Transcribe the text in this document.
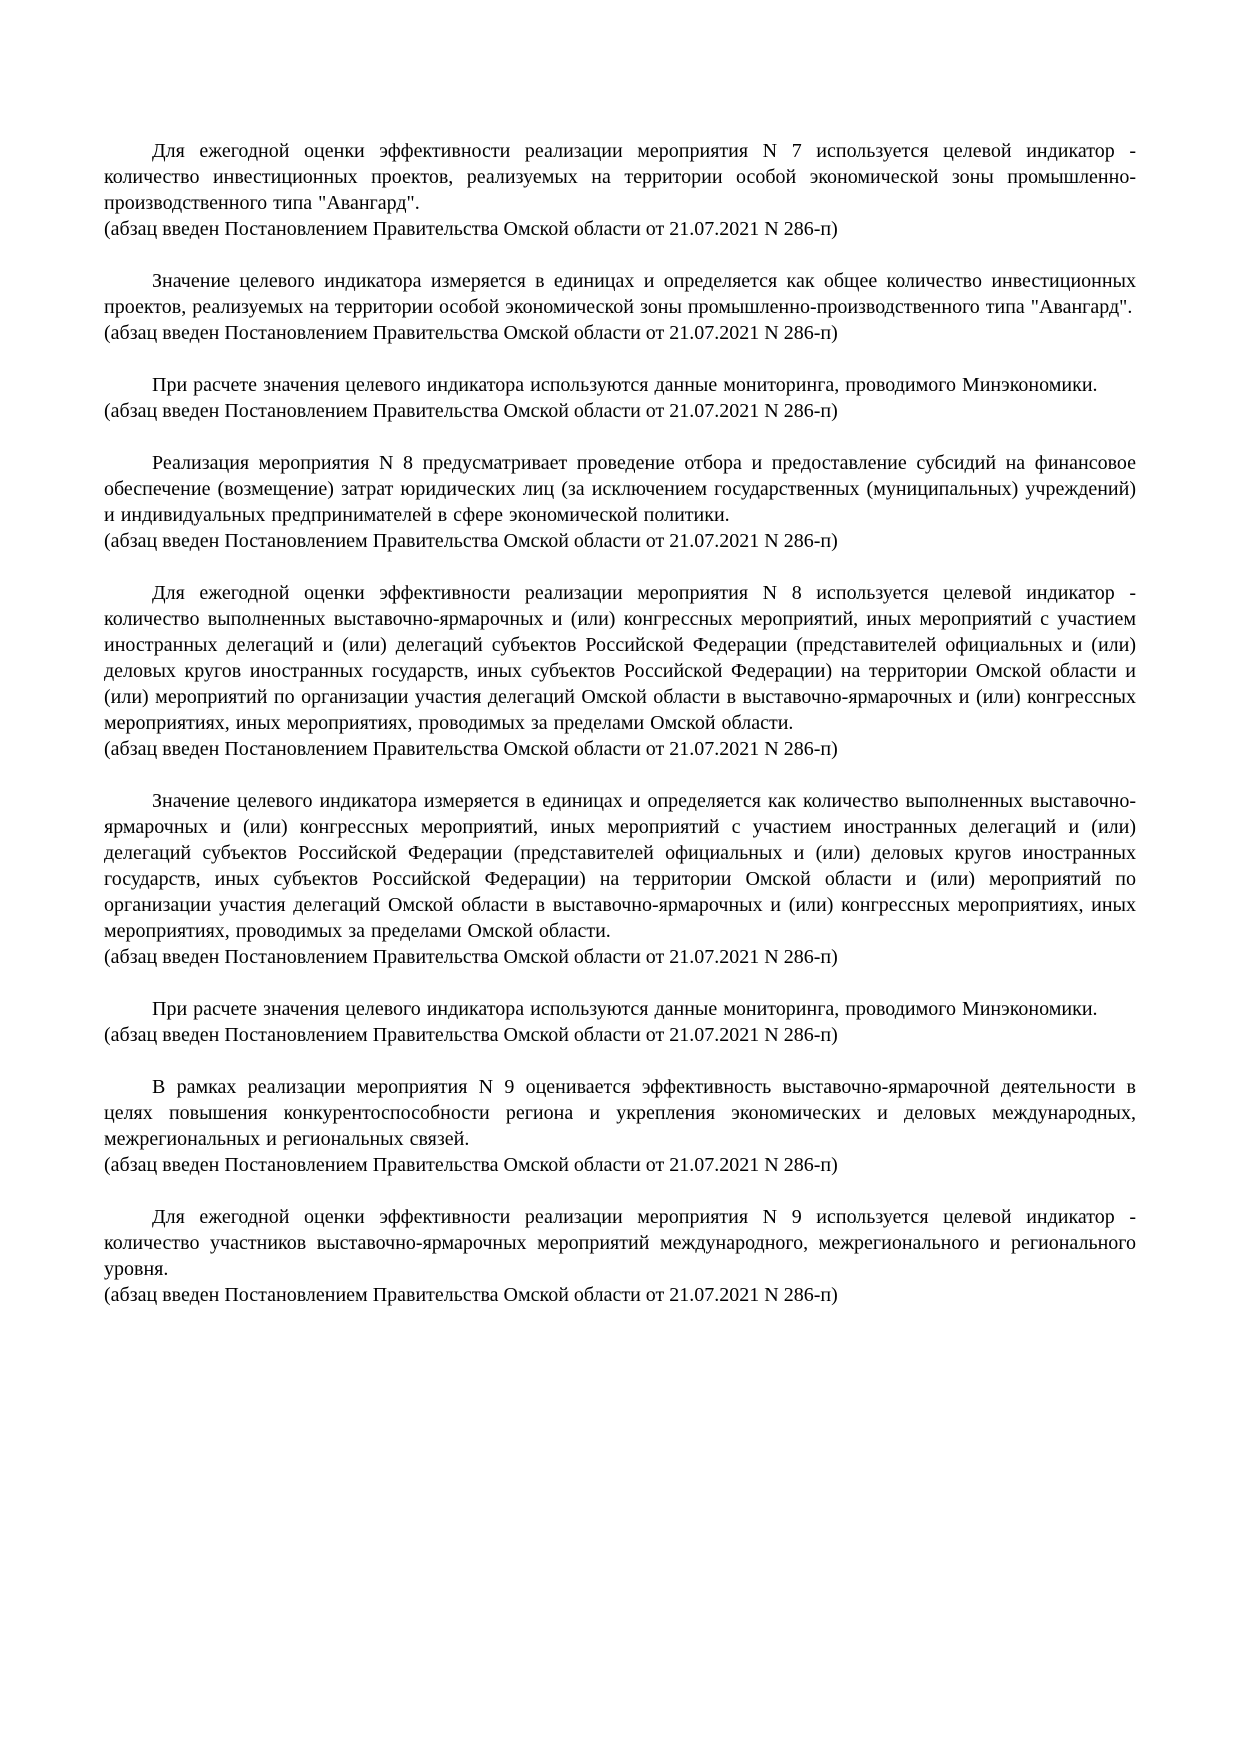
Для ежегодной оценки эффективности реализации мероприятия N 7 используется целевой индикатор - количество инвестиционных проектов, реализуемых на территории особой экономической зоны промышленно-производственного типа "Авангард".

(абзац введен Постановлением Правительства Омской области от 21.07.2021 N 286-п)

Значение целевого индикатора измеряется в единицах и определяется как общее количество инвестиционных проектов, реализуемых на территории особой экономической зоны промышленно-производственного типа "Авангард".

(абзац введен Постановлением Правительства Омской области от 21.07.2021 N 286-п)

При расчете значения целевого индикатора используются данные мониторинга, проводимого Минэкономики.

(абзац введен Постановлением Правительства Омской области от 21.07.2021 N 286-п)

Реализация мероприятия N 8 предусматривает проведение отбора и предоставление субсидий на финансовое обеспечение (возмещение) затрат юридических лиц (за исключением государственных (муниципальных) учреждений) и индивидуальных предпринимателей в сфере экономической политики.

(абзац введен Постановлением Правительства Омской области от 21.07.2021 N 286-п)

Для ежегодной оценки эффективности реализации мероприятия N 8 используется целевой индикатор - количество выполненных выставочно-ярмарочных и (или) конгрессных мероприятий, иных мероприятий с участием иностранных делегаций и (или) делегаций субъектов Российской Федерации (представителей официальных и (или) деловых кругов иностранных государств, иных субъектов Российской Федерации) на территории Омской области и (или) мероприятий по организации участия делегаций Омской области в выставочно-ярмарочных и (или) конгрессных мероприятиях, иных мероприятиях, проводимых за пределами Омской области.

(абзац введен Постановлением Правительства Омской области от 21.07.2021 N 286-п)

Значение целевого индикатора измеряется в единицах и определяется как количество выполненных выставочно-ярмарочных и (или) конгрессных мероприятий, иных мероприятий с участием иностранных делегаций и (или) делегаций субъектов Российской Федерации (представителей официальных и (или) деловых кругов иностранных государств, иных субъектов Российской Федерации) на территории Омской области и (или) мероприятий по организации участия делегаций Омской области в выставочно-ярмарочных и (или) конгрессных мероприятиях, иных мероприятиях, проводимых за пределами Омской области.

(абзац введен Постановлением Правительства Омской области от 21.07.2021 N 286-п)

При расчете значения целевого индикатора используются данные мониторинга, проводимого Минэкономики.

(абзац введен Постановлением Правительства Омской области от 21.07.2021 N 286-п)

В рамках реализации мероприятия N 9 оценивается эффективность выставочно-ярмарочной деятельности в целях повышения конкурентоспособности региона и укрепления экономических и деловых международных, межрегиональных и региональных связей.

(абзац введен Постановлением Правительства Омской области от 21.07.2021 N 286-п)

Для ежегодной оценки эффективности реализации мероприятия N 9 используется целевой индикатор - количество участников выставочно-ярмарочных мероприятий международного, межрегионального и регионального уровня.

(абзац введен Постановлением Правительства Омской области от 21.07.2021 N 286-п)
